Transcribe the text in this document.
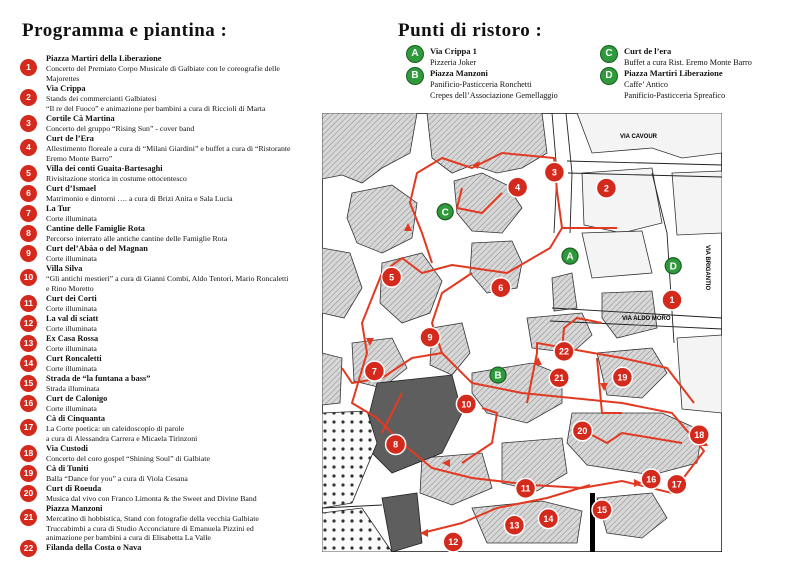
Programma e piantina :	Punti di ristoro :
1
Piazza Martiri della Liberazione
Concerto del Premiato Corpo Musicale di Galbiate con le coreografie delle
Majorettes
2
Via Crippa
Stands dei commercianti Galbiatesi
“Il re del Fuoco” e animazione per bambini a cura di Ricciolì di Marta
3	Cortile Cà Martina
Concerto del gruppo “Rising Sun” - cover band
4
Curt de l’Era
Allestimento floreale a cura di “Milani Giardini” e buffet a cura di “Ristorante
Eremo Monte Barro”
5	Villa dei conti Guaita-Bartesaghi
Rivisitazione storica in costume ottocentesco
6	Curt d’Ismael
Matrimonio e dintorni …. a cura di Brizi Anita e Sala Lucia
7	La Tur
Corte illuminata
8	Cantine delle Famiglie Rota
Percorso interrato alle antiche cantine delle Famiglie Rota
9	Curt del’Abàa o del Magnan
Corte illuminata
10
Villa Silva
“Gli antichi mestieri” a cura di Gianni Combi, Aldo Tentori, Mario Roncaletti
e Rino Moretto
11	Curt dei Corti
Corte illuminata
12	La val di sciatt
Corte illuminata
13	Ex Casa Rossa
Corte illuminata
14	Curt Roncaletti
Corte illuminata
15	Strada de “la funtana a bass”
Strada illuminata
16	Curt de Calonigo
Corte illuminata
17
Cà di Cinquanta
La Corte poetica: un caleidoscopio di parole
a cura di Alessandra Carrera e Micaela Tirinzoni
18	Via Custodi
Concerto del coro gospel “Shining Soul” di Galbiate
19	Cà di Tuniti
Balla “Dance for you” a cura di Viola Cesana
20	Curt di Roeuda
Musica dal vivo con Franco Limonta & the Sweet and Divine Band
21
Piazza Manzoni
Mercatino di hobbistica, Stand con fotografie della vecchia Galbiate
Truccabimbi a cura di Studio Acconciature di Emanuela Pizzini ed
animazione per bambini a cura di Elisabetta La Valle
22	Filanda della Costa o Nava
A	Via Crippa 1
Pizzeria Joker
B	Piazza Manzoni
Panificio-Pasticceria Ronchetti
Crepes dell’Associazione Gemellaggio
C	Curt de l’era
Buffet a cura Rist. Eremo Monte Barro
D	Piazza Martiri Liberazione
Caffe’ Antico
Panificio-Pasticceria Spreafico
VIA CAVOUR
VIA ALDO MORO
VIA BRIGANTIO
1
2
3
4
5
6
7
8
9
10
11
12
13
14
15
16
17
18
19
20
21
22
A
B
C
D
